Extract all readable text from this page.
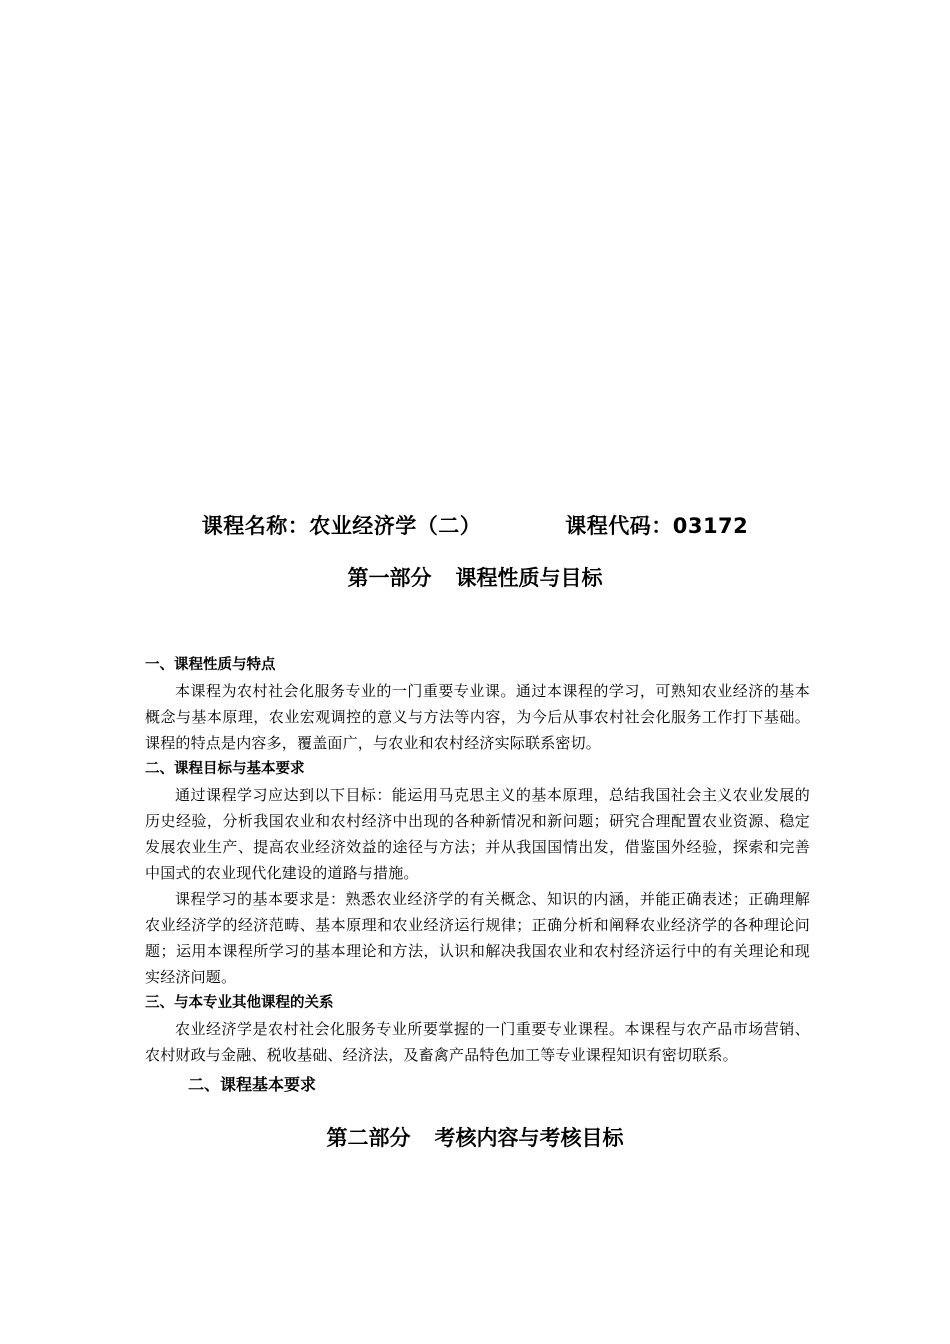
课程名称：农业经济学（二）	课程代码：03172
第一部分 课程性质与目标

一、课程性质与特点

本课程为农村社会化服务专业的一门重要专业课。通过本课程的学习，可熟知农业经济的基本概念与基本原理，农业宏观调控的意义与方法等内容，为今后从事农村社会化服务工作打下基础。课程的特点是内容多，覆盖面广，与农业和农村经济实际联系密切。

二、课程目标与基本要求

通过课程学习应达到以下目标：能运用马克思主义的基本原理，总结我国社会主义农业发展的历史经验，分析我国农业和农村经济中出现的各种新情况和新问题；研究合理配置农业资源、稳定发展农业生产、提高农业经济效益的途径与方法；并从我国国情出发，借鉴国外经验，探索和完善中国式的农业现代化建设的道路与措施。

课程学习的基本要求是：熟悉农业经济学的有关概念、知识的内涵，并能正确表述；正确理解农业经济学的经济范畴、基本原理和农业经济运行规律；正确分析和阐释农业经济学的各种理论问题；运用本课程所学习的基本理论和方法，认识和解决我国农业和农村经济运行中的有关理论和现实经济问题。

三、与本专业其他课程的关系

农业经济学是农村社会化服务专业所要掌握的一门重要专业课程。本课程与农产品市场营销、农村财政与金融、税收基础、经济法，及畜禽产品特色加工等专业课程知识有密切联系。

二、课程基本要求
第二部分 考核内容与考核目标
